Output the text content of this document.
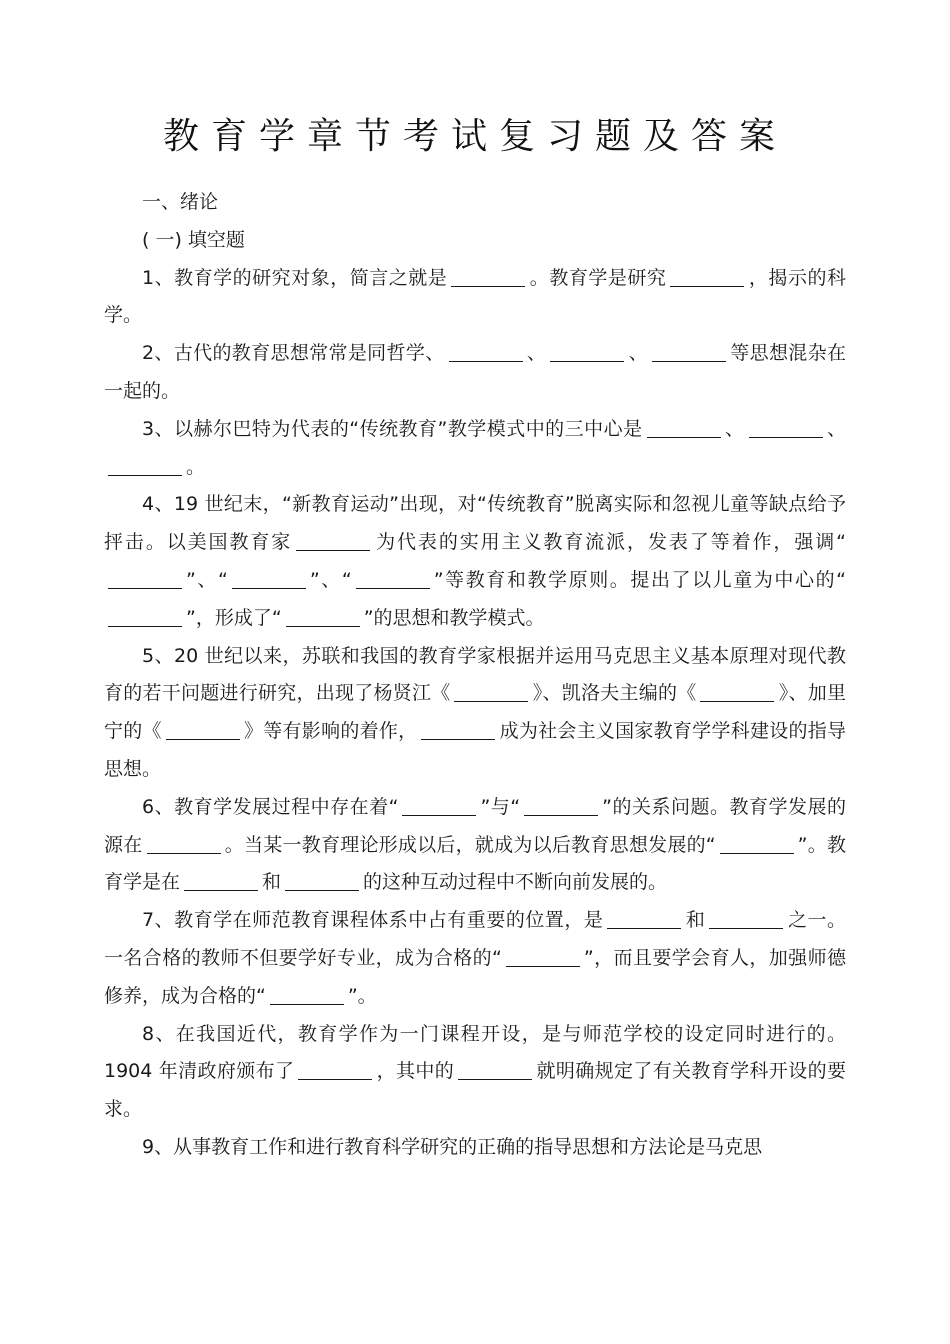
教育学章节考试复习题及答案

一、绪论

( 一) 填空题

1、教育学的研究对象，简言之就是	。教育学是研究	，揭示的科学。

2、古代的教育思想常常是同哲学、	、	、	等思想混杂在一起的。

3、以赫尔巴特为代表的“传统教育”教学模式中的三中心是	、	、。

4、19 世纪末，“新教育运动”出现，对“传统教育”脱离实际和忽视儿童等缺点给予抨击。以美国教育家	为代表的实用主义教育流派，发表了等着作，强调“”、“	”、“	”等教育和教学原则。提出了以儿童为中心的“”，形成了“	”的思想和教学模式。

5、20 世纪以来，苏联和我国的教育学家根据并运用马克思主义基本原理对现代教育的若干问题进行研究，出现了杨贤江《	》、凯洛夫主编的《	》、加里宁的《	》等有影响的着作，	成为社会主义国家教育学学科建设的指导思想。

6、教育学发展过程中存在着“	”与“	”的关系问题。教育学发展的源在	。当某一教育理论形成以后，就成为以后教育思想发展的“	”。教育学是在	和	的这种互动过程中不断向前发展的。

7、教育学在师范教育课程体系中占有重要的位置，是	和	之一。一名合格的教师不但要学好专业，成为合格的“	”，而且要学会育人，加强师德修养，成为合格的“	”。

8、在我国近代，教育学作为一门课程开设，是与师范学校的设定同时进行的。1904 年清政府颁布了	，其中的	就明确规定了有关教育学科开设的要求。

9、从事教育工作和进行教育科学研究的正确的指导思想和方法论是马克思
